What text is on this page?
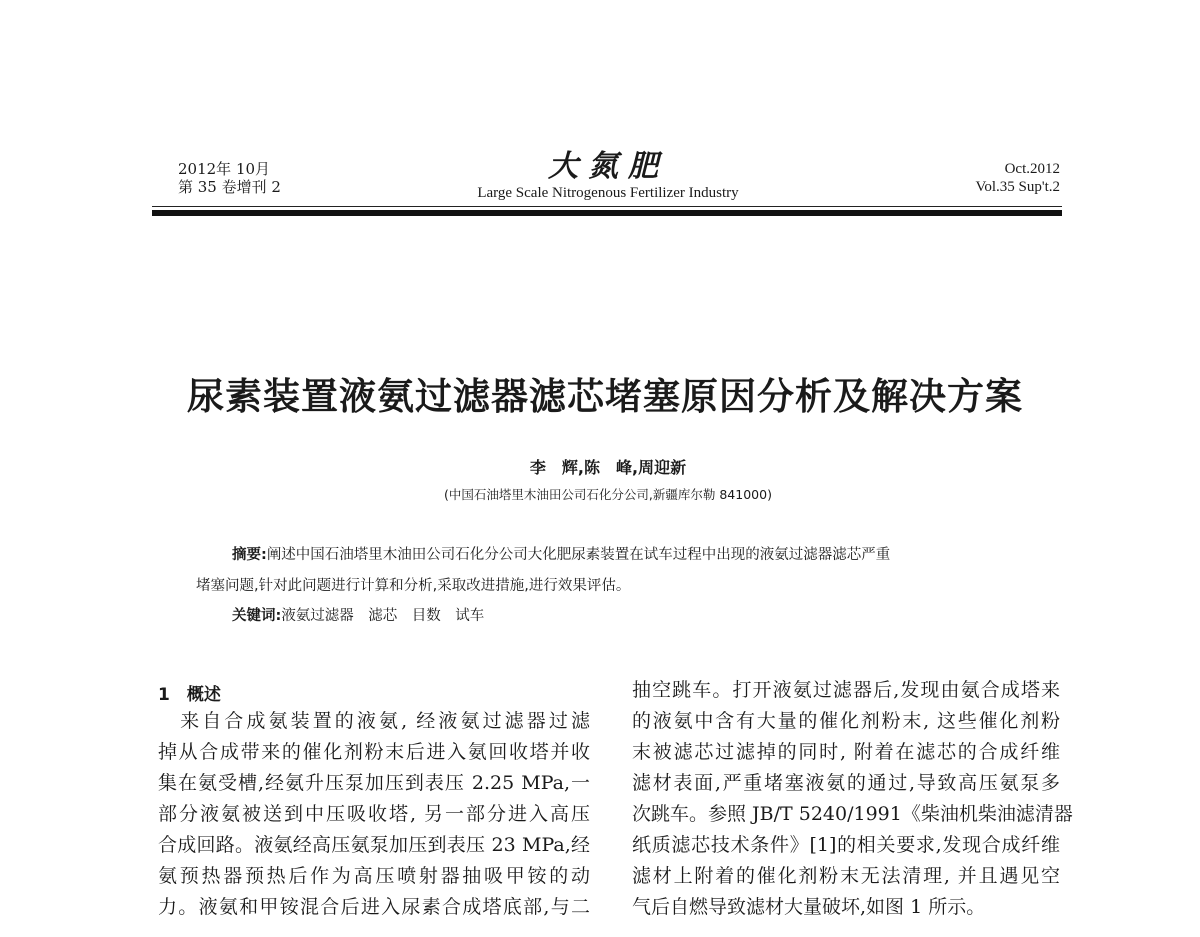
2012年 10月
第 35 卷增刊 2
大氮肥
Large Scale Nitrogenous Fertilizer Industry
Oct.2012
Vol.35 Sup't.2
尿素装置液氨过滤器滤芯堵塞原因分析及解决方案
李　辉,陈　峰,周迎新
(中国石油塔里木油田公司石化分公司,新疆库尔勒 841000)
摘要:阐述中国石油塔里木油田公司石化分公司大化肥尿素装置在试车过程中出现的液氨过滤器滤芯严重
堵塞问题,针对此问题进行计算和分析,采取改进措施,进行效果评估。
关键词:液氨过滤器　滤芯　目数　试车
1　概述
　来自合成氨装置的液氨, 经液氨过滤器过滤
掉从合成带来的催化剂粉末后进入氨回收塔并收
集在氨受槽,经氨升压泵加压到表压 2.25 MPa,一
部分液氨被送到中压吸收塔, 另一部分进入高压
合成回路。液氨经高压氨泵加压到表压 23 MPa,经
氨预热器预热后作为高压喷射器抽吸甲铵的动
力。液氨和甲铵混合后进入尿素合成塔底部,与二
抽空跳车。打开液氨过滤器后,发现由氨合成塔来
的液氨中含有大量的催化剂粉末, 这些催化剂粉
末被滤芯过滤掉的同时, 附着在滤芯的合成纤维
滤材表面,严重堵塞液氨的通过,导致高压氨泵多
次跳车。参照 JB/T 5240/1991《柴油机柴油滤清器
纸质滤芯技术条件》[1]的相关要求,发现合成纤维
滤材上附着的催化剂粉末无法清理, 并且遇见空
气后自燃导致滤材大量破坏,如图 1 所示。
